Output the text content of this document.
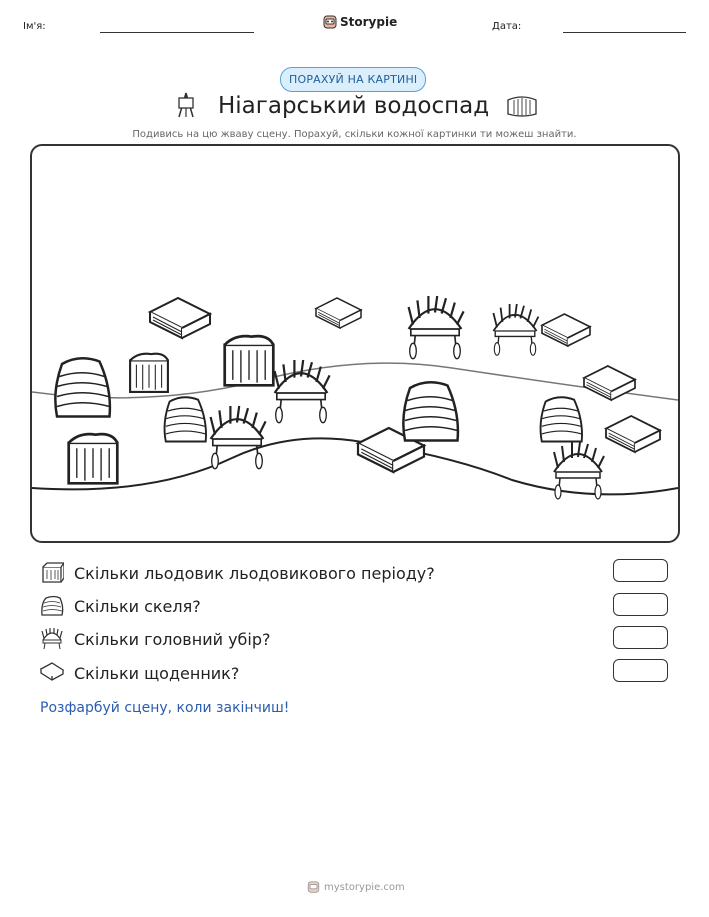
Ім'я:	Storypie	Дата:
ПОРАХУЙ НА КАРТИНІ
Ніагарський водоспад
Подивись на цю жваву сцену. Порахуй, скільки кожної картинки ти можеш знайти.
Скільки льодовик льодовикового періоду?
Скільки скеля?
Скільки головний убір?
Скільки щоденник?
Розфарбуй сцену, коли закінчиш!
mystorypie.com
